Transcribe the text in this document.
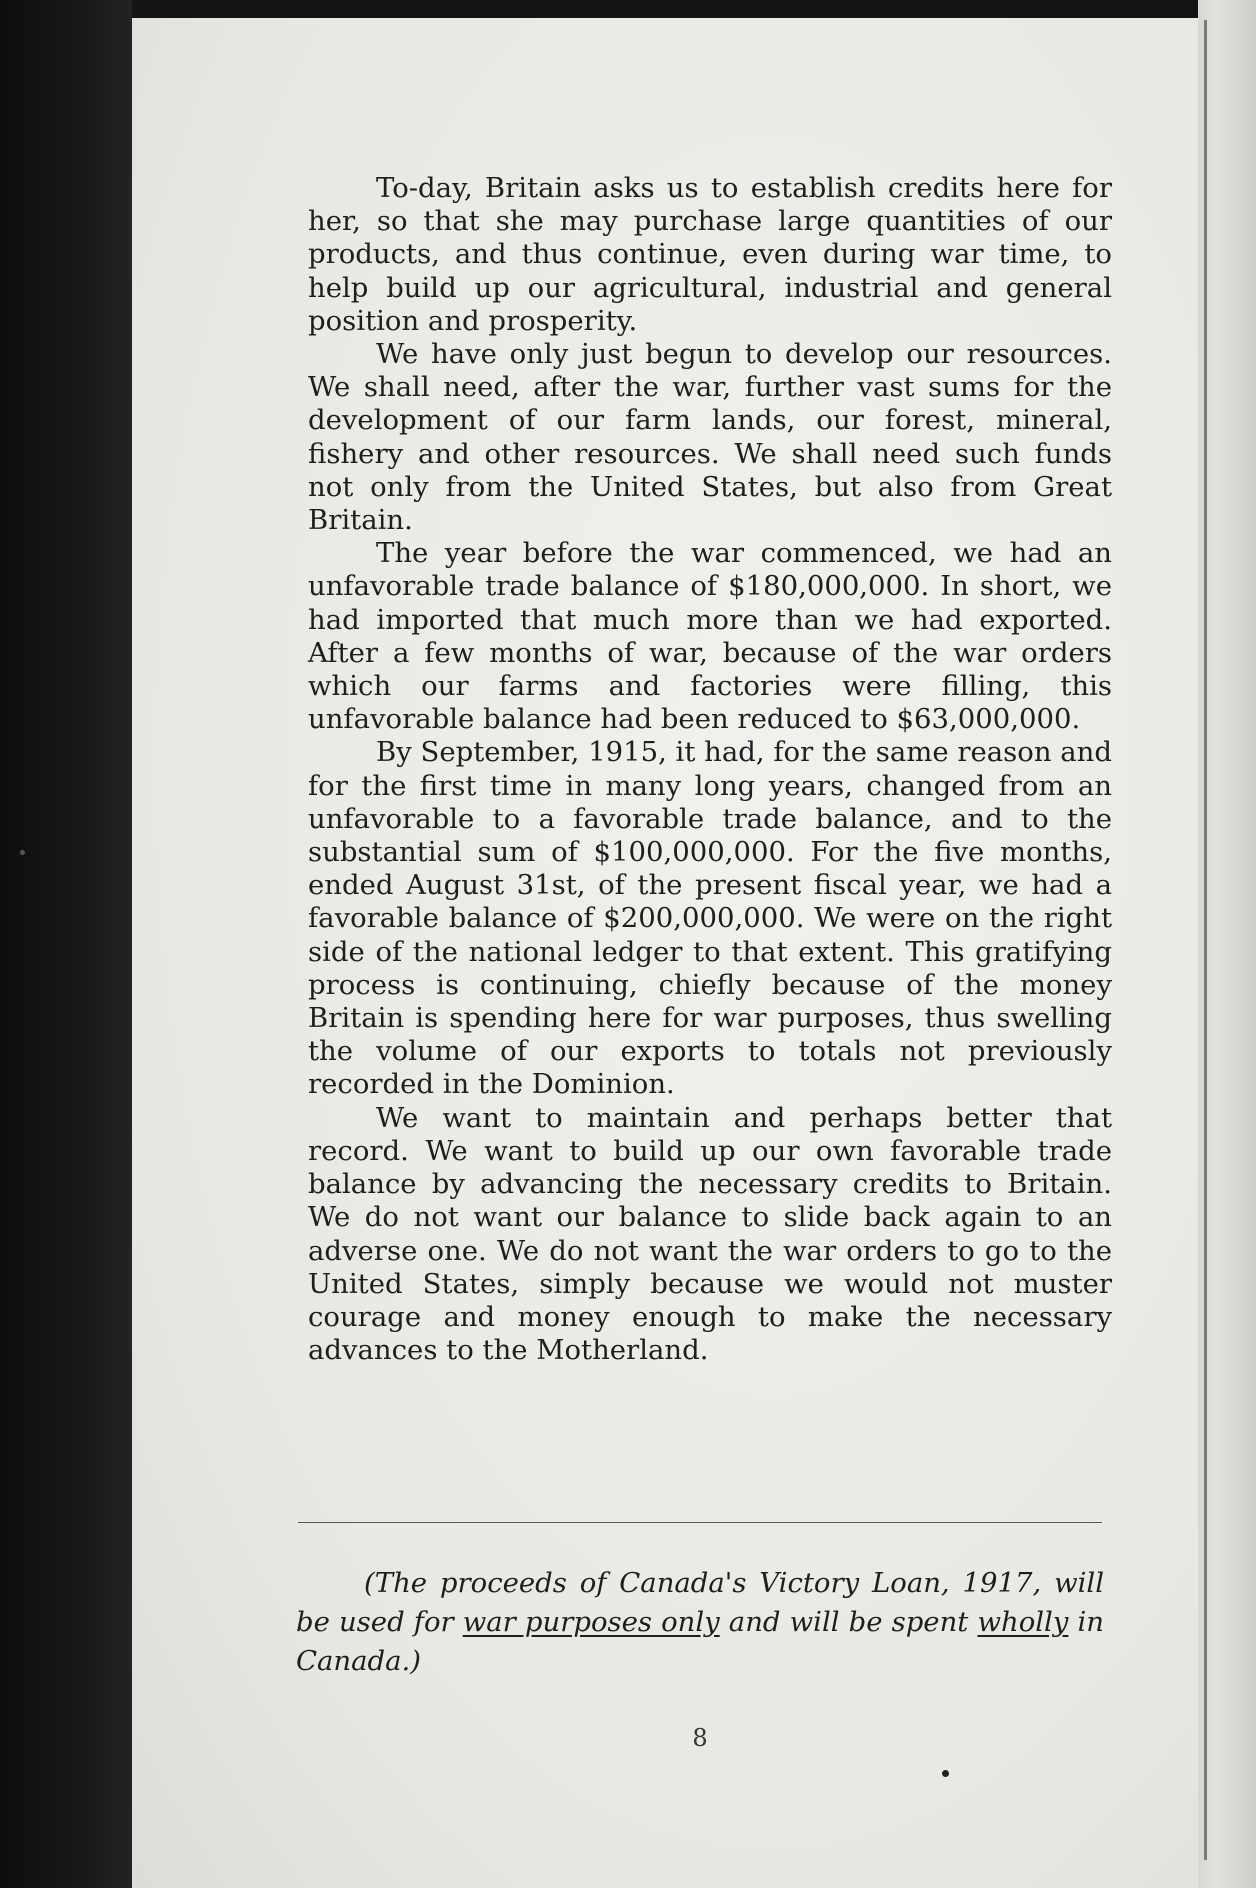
To-day, Britain asks us to establish credits here for her, so that she may purchase large quantities of our products, and thus continue, even during war time, to help build up our agricultural, industrial and general position and prosperity.

We have only just begun to develop our resources. We shall need, after the war, further vast sums for the development of our farm lands, our forest, mineral, fishery and other resources. We shall need such funds not only from the United States, but also from Great Britain.

The year before the war commenced, we had an unfavorable trade balance of $180,000,000. In short, we had imported that much more than we had exported. After a few months of war, because of the war orders which our farms and factories were filling, this unfavorable balance had been reduced to $63,000,000.

By September, 1915, it had, for the same reason and for the first time in many long years, changed from an unfavorable to a favorable trade balance, and to the substantial sum of $100,000,000. For the five months, ended August 31st, of the present fiscal year, we had a favorable balance of $200,000,000. We were on the right side of the national ledger to that extent. This gratifying process is continuing, chiefly because of the money Britain is spending here for war purposes, thus swelling the volume of our exports to totals not previously recorded in the Dominion.

We want to maintain and perhaps better that record. We want to build up our own favorable trade balance by advancing the necessary credits to Britain. We do not want our balance to slide back again to an adverse one. We do not want the war orders to go to the United States, simply because we would not muster courage and money enough to make the necessary advances to the Motherland.

(The proceeds of Canada's Victory Loan, 1917, will be used for war purposes only and will be spent wholly in Canada.)

8
